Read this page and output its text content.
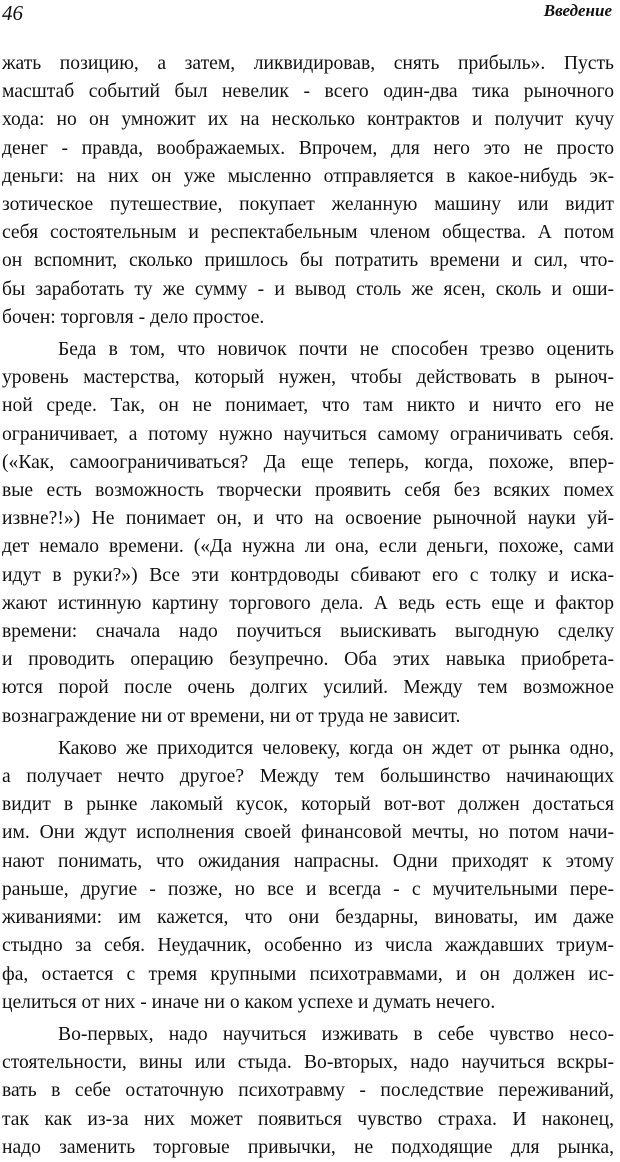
46	Введение

жать позицию, а затем, ликвидировав, снять прибыль». Пусть
масштаб событий был невелик - всего один-два тика рыночного
хода: но он умножит их на несколько контрактов и получит кучу
денег - правда, воображаемых. Впрочем, для него это не просто
деньги: на них он уже мысленно отправляется в какое-нибудь эк-
зотическое путешествие, покупает желанную машину или видит
себя состоятельным и респектабельным членом общества. А потом
он вспомнит, сколько пришлось бы потратить времени и сил, что-
бы заработать ту же сумму - и вывод столь же ясен, сколь и оши-
бочен: торговля - дело простое.

Беда в том, что новичок почти не способен трезво оценить
уровень мастерства, который нужен, чтобы действовать в рыноч-
ной среде. Так, он не понимает, что там никто и ничто его не
ограничивает, а потому нужно научиться самому ограничивать себя.
(«Как, самоограничиваться? Да еще теперь, когда, похоже, впер-
вые есть возможность творчески проявить себя без всяких помех
извне?!») Не понимает он, и что на освоение рыночной науки уй-
дет немало времени. («Да нужна ли она, если деньги, похоже, сами
идут в руки?») Все эти контрдоводы сбивают его с толку и иска-
жают истинную картину торгового дела. А ведь есть еще и фактор
времени: сначала надо поучиться выискивать выгодную сделку
и проводить операцию безупречно. Оба этих навыка приобрета-
ются порой после очень долгих усилий. Между тем возможное
вознаграждение ни от времени, ни от труда не зависит.

Каково же приходится человеку, когда он ждет от рынка одно,
а получает нечто другое? Между тем большинство начинающих
видит в рынке лакомый кусок, который вот-вот должен достаться
им. Они ждут исполнения своей финансовой мечты, но потом начи-
нают понимать, что ожидания напрасны. Одни приходят к этому
раньше, другие - позже, но все и всегда - с мучительными пере-
живаниями: им кажется, что они бездарны, виноваты, им даже
стыдно за себя. Неудачник, особенно из числа жаждавших триум-
фа, остается с тремя крупными психотравмами, и он должен ис-
целиться от них - иначе ни о каком успехе и думать нечего.

Во-первых, надо научиться изживать в себе чувство несо-
стоятельности, вины или стыда. Во-вторых, надо научиться вскры-
вать в себе остаточную психотравму - последствие переживаний,
так как из-за них может появиться чувство страха. И наконец,
надо заменить торговые привычки, не подходящие для рынка,
